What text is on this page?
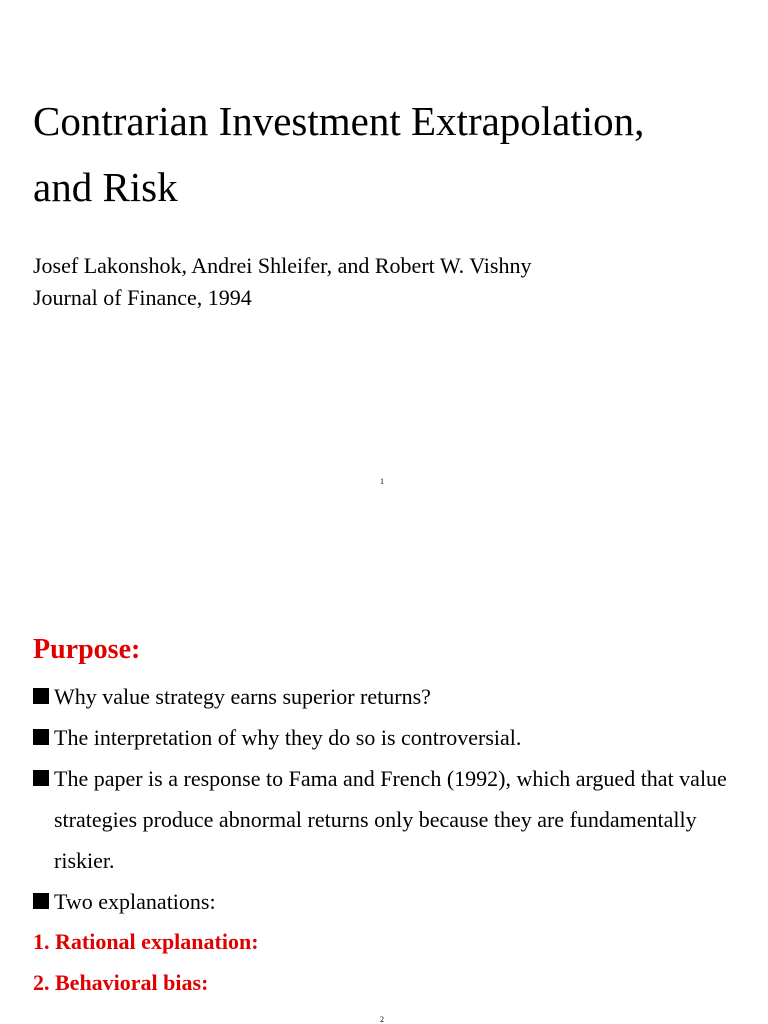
Contrarian Investment Extrapolation,
and Risk
Josef Lakonshok, Andrei Shleifer, and Robert W. Vishny
Journal of Finance, 1994
1
Purpose:
Why value strategy earns superior returns?
The interpretation of why they do so is controversial.
The paper is a response to Fama and French (1992), which argued that value strategies produce abnormal returns only because they are fundamentally riskier.
Two explanations:
1. Rational explanation:
2. Behavioral bias:
2
